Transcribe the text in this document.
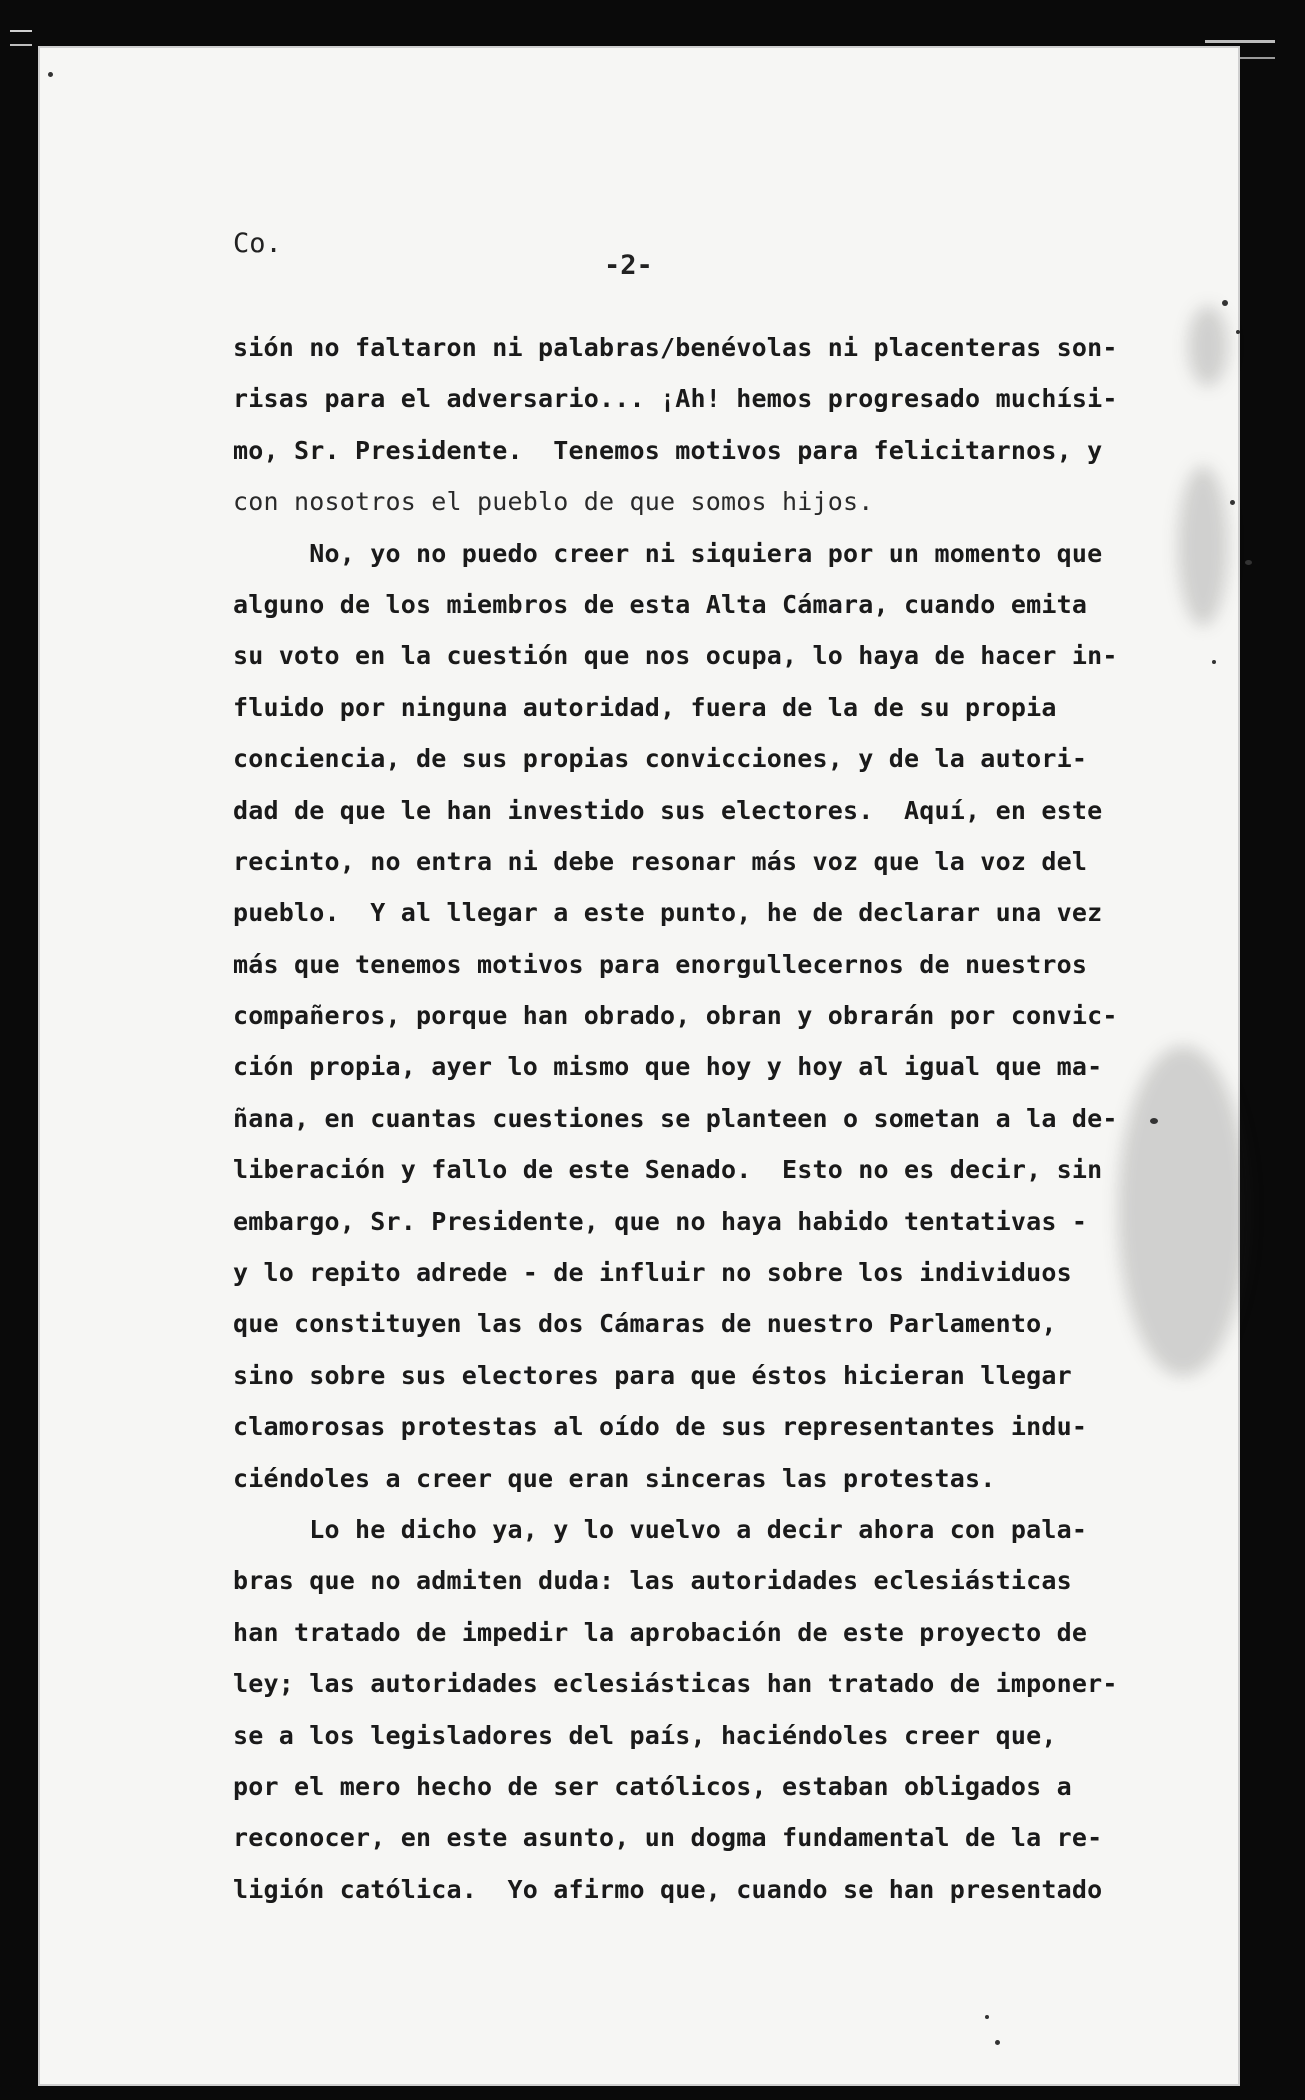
Co.
-2-
sión no faltaron ni palabras/benévolas ni placenteras son-
risas para el adversario... ¡Ah! hemos progresado muchísi-
mo, Sr. Presidente.  Tenemos motivos para felicitarnos, y
con nosotros el pueblo de que somos hijos.
No, yo no puedo creer ni siquiera por un momento que
alguno de los miembros de esta Alta Cámara, cuando emita
su voto en la cuestión que nos ocupa, lo haya de hacer in-
fluido por ninguna autoridad, fuera de la de su propia
conciencia, de sus propias convicciones, y de la autori-
dad de que le han investido sus electores.  Aquí, en este
recinto, no entra ni debe resonar más voz que la voz del
pueblo.  Y al llegar a este punto, he de declarar una vez
más que tenemos motivos para enorgullecernos de nuestros
compañeros, porque han obrado, obran y obrarán por convic-
ción propia, ayer lo mismo que hoy y hoy al igual que ma-
ñana, en cuantas cuestiones se planteen o sometan a la de-
liberación y fallo de este Senado.  Esto no es decir, sin
embargo, Sr. Presidente, que no haya habido tentativas -
y lo repito adrede - de influir no sobre los individuos
que constituyen las dos Cámaras de nuestro Parlamento,
sino sobre sus electores para que éstos hicieran llegar
clamorosas protestas al oído de sus representantes indu-
ciéndoles a creer que eran sinceras las protestas.
Lo he dicho ya, y lo vuelvo a decir ahora con pala-
bras que no admiten duda: las autoridades eclesiásticas
han tratado de impedir la aprobación de este proyecto de
ley; las autoridades eclesiásticas han tratado de imponer-
se a los legisladores del país, haciéndoles creer que,
por el mero hecho de ser católicos, estaban obligados a
reconocer, en este asunto, un dogma fundamental de la re-
ligión católica.  Yo afirmo que, cuando se han presentado
